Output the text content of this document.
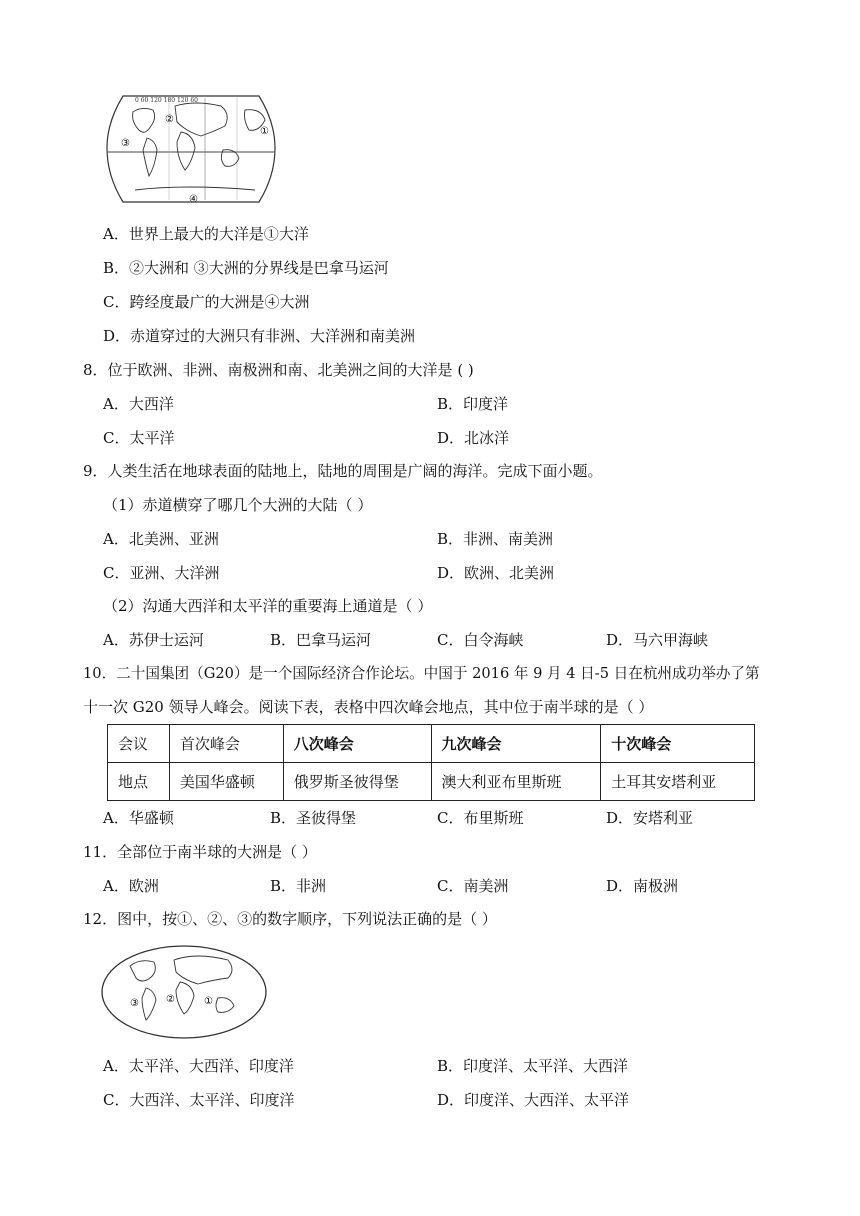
0 60 120 180 120 60
①
②
③
④
A．世界上最大的大洋是①大洋
B．②大洲和 ③大洲的分界线是巴拿马运河
C．跨经度最广的大洲是④大洲
D．赤道穿过的大洲只有非洲、大洋洲和南美洲
8．位于欧洲、非洲、南极洲和南、北美洲之间的大洋是 ( )
A．大西洋	B．印度洋
C．太平洋	D．北冰洋
9．人类生活在地球表面的陆地上，陆地的周围是广阔的海洋。完成下面小题。
（1）赤道横穿了哪几个大洲的大陆（ ）
A．北美洲、亚洲	B．非洲、南美洲
C．亚洲、大洋洲	D．欧洲、北美洲
（2）沟通大西洋和太平洋的重要海上通道是（ ）
A．苏伊士运河	B．巴拿马运河	C．白令海峡	D．马六甲海峡
10．二十国集团（G20）是一个国际经济合作论坛。中国于 2016 年 9 月 4 日-5 日在杭州成功举办了第
十一次 G20 领导人峰会。阅读下表，表格中四次峰会地点，其中位于南半球的是（ ）
会议	首次峰会	八次峰会	九次峰会	十次峰会
地点	美国华盛顿	俄罗斯圣彼得堡	澳大利亚布里斯班	土耳其安塔利亚
A．华盛顿	B．圣彼得堡	C．布里斯班	D．安塔利亚
11．全部位于南半球的大洲是（ ）
A．欧洲	B．非洲	C．南美洲	D．南极洲
12．图中，按①、②、③的数字顺序，下列说法正确的是（ ）
①
②
③
A．太平洋、大西洋、印度洋	B．印度洋、太平洋、大西洋
C．大西洋、太平洋、印度洋	D．印度洋、大西洋、太平洋
